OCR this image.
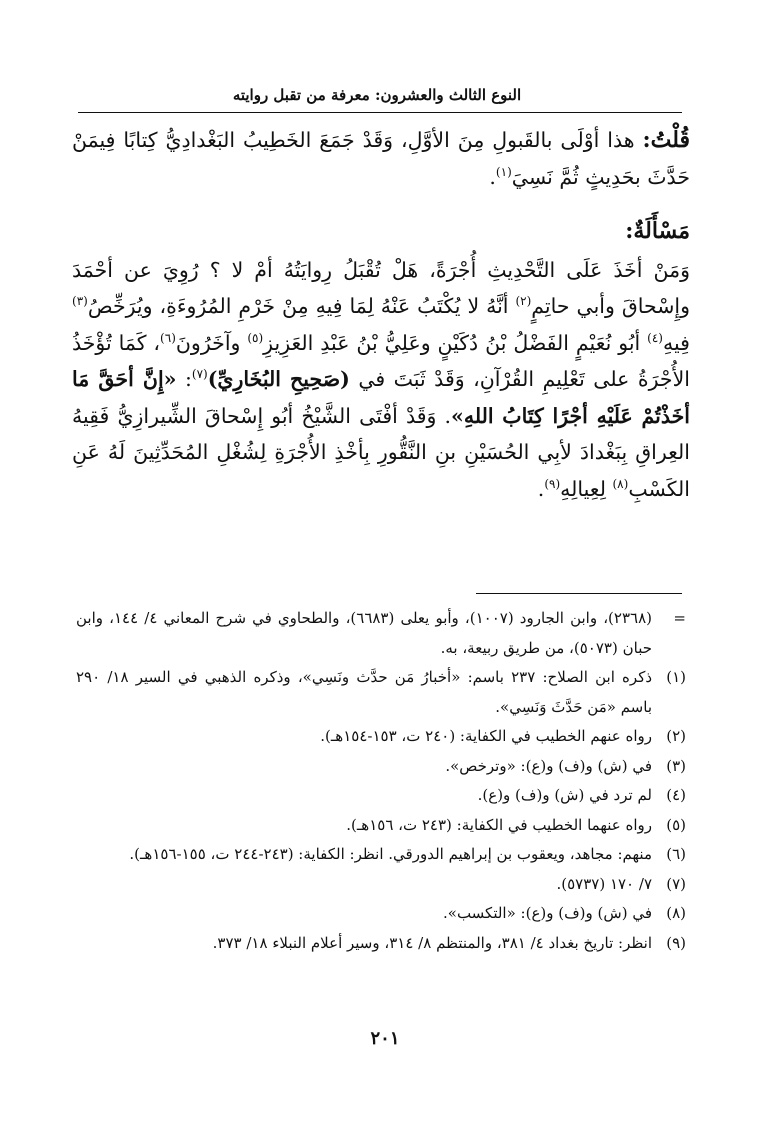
النوع الثالث والعشرون: معرفة من تقبل روايته

قُلْتُ: هذا أوْلَى بالقَبولِ مِنَ الأوَّلِ، وَقَدْ جَمَعَ الخَطِيبُ البَغْدادِيُّ كِتابًا فِيمَنْ حَدَّثَ بحَدِيثٍ ثُمَّ نَسِيَ$^{(١)}$.

مَسْأَلَةٌ:

وَمَنْ أخَذَ عَلَى التَّحْدِيثِ أُجْرَةً، هَلْ تُقْبَلُ رِوايَتُهُ أمْ لا ؟ رُوِيَ عن أحْمَدَ وإِسْحاقَ وأبي حاتِمٍ$^{(٢)}$ أنَّهُ لا يُكْتَبُ عَنْهُ لِمَا فِيهِ مِنْ خَرْمِ المُرُوءَةِ، ويُرَخِّصُ$^{(٣)}$ فِيهِ$^{(٤)}$ أبُو نُعَيْمٍ الفَضْلُ بْنُ دُكَيْنٍ وعَلِيُّ بْنُ عَبْدِ العَزِيزِ$^{(٥)}$ وآخَرُونَ$^{(٦)}$، كَمَا تُؤْخَذُ الأُجْرَةُ على تَعْلِيمِ القُرْآنِ، وَقَدْ ثَبَتَ في (صَحِيحِ البُخَارِيِّ)$^{(٧)}$: «إِنَّ أحَقَّ مَا أخَذْتُمْ عَلَيْهِ أجْرًا كِتَابُ اللهِ». وَقَدْ أفْتَى الشَّيْخُ أبُو إِسْحاقَ الشِّيرازِيُّ فَقِيهُ العِراقِ بِبَغْدادَ لأبِي الحُسَيْنِ بنِ النَّقُّورِ بِأخْذِ الأُجْرَةِ لِشُغْلِ المُحَدِّثِينَ لَهُ عَنِ الكَسْبِ$^{(٨)}$ لِعِيالِهِ$^{(٩)}$.

=
(٢٣٦٨)، وابن الجارود (١٠٠٧)، وأبو يعلى (٦٦٨٣)، والطحاوي في شرح المعاني ٤/ ١٤٤، وابن حبان (٥٠٧٣)، من طريق ربيعة، به.
(١)
ذكره ابن الصلاح: ٢٣٧ باسم: «أخبارُ مَن حدَّث ونَسِي»، وذكره الذهبي في السير ١٨/ ٢٩٠ باسم «مَن حَدَّثَ وَنَسِي».
(٢)
رواه عنهم الخطيب في الكفاية: (٢٤٠ ت، ١٥٣-١٥٤هـ).
(٣)
في (ش) و(ف) و(ع): «وترخص».
(٤)
لم ترد في (ش) و(ف) و(ع).
(٥)
رواه عنهما الخطيب في الكفاية: (٢٤٣ ت، ١٥٦هـ).
(٦)
منهم: مجاهد، ويعقوب بن إبراهيم الدورقي. انظر: الكفاية: (٢٤٣-٢٤٤ ت، ١٥٥-١٥٦هـ).
(٧)
٧/ ١٧٠ (٥٧٣٧).
(٨)
في (ش) و(ف) و(ع): «التكسب».
(٩)
انظر: تاريخ بغداد ٤/ ٣٨١، والمنتظم ٨/ ٣١٤، وسير أعلام النبلاء ١٨/ ٣٧٣.
٢٠١
